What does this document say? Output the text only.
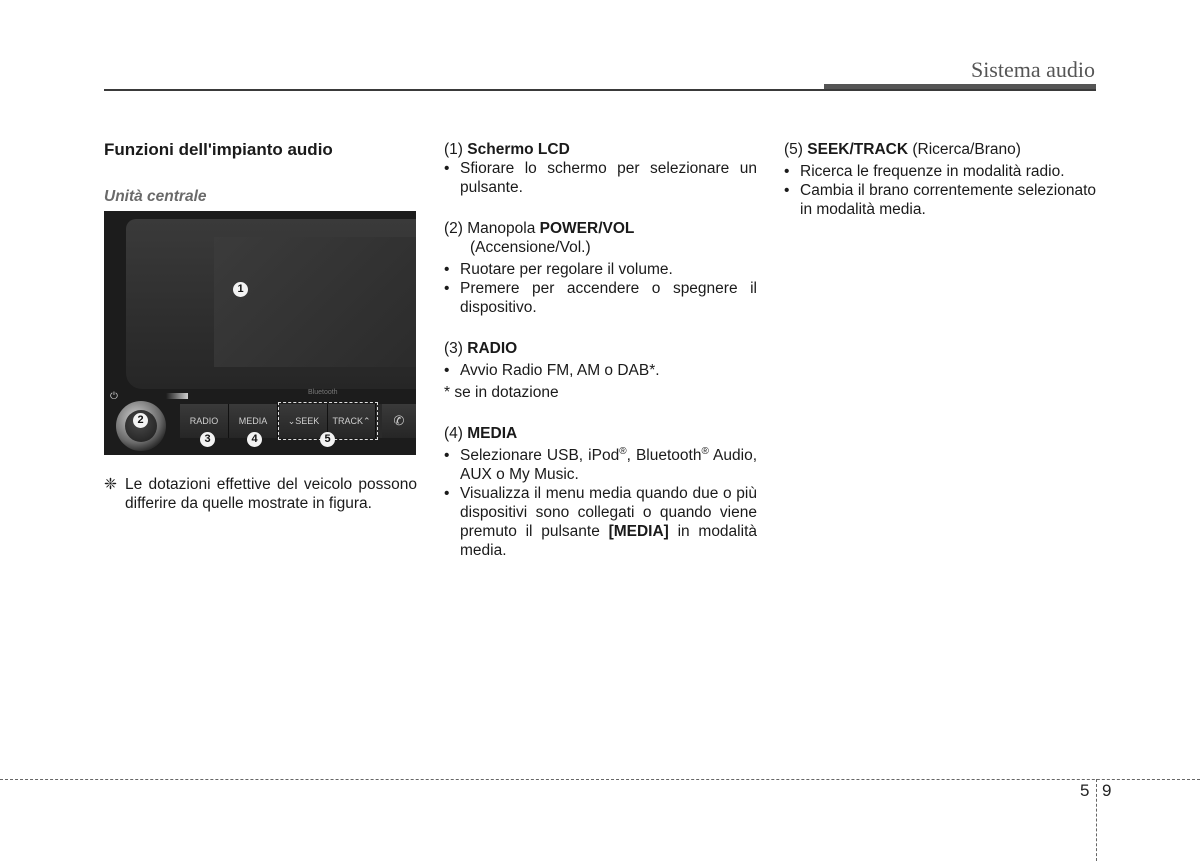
Sistema audio
Funzioni dell'impianto audio
Unità centrale
1
⏻	Bluetooth
2	RADIO	MEDIA	⌄SEEK	TRACK⌃	✆
3	4	5
❈ Le dotazioni effettive del veicolo possono differire da quelle mostrate in figura.

(1) Schermo LCD

• Sfiorare lo schermo per selezionare un pulsante.

(2) Manopola POWER/VOL
(Accensione/Vol.)

• Ruotare per regolare il volume.
• Premere per accendere o spegnere il dispositivo.

(3) RADIO

• Avvio Radio FM, AM o DAB*.

* se in dotazione

(4) MEDIA

• Selezionare USB, iPod®, Bluetooth® Audio, AUX o My Music.
• Visualizza il menu media quando due o più dispositivi sono collegati o quando viene premuto il pulsante [MEDIA] in modalità media.

(5) SEEK/TRACK (Ricerca/Brano)

• Ricerca le frequenze in modalità radio.
• Cambia il brano correntemente selezionato in modalità media.
5 9
